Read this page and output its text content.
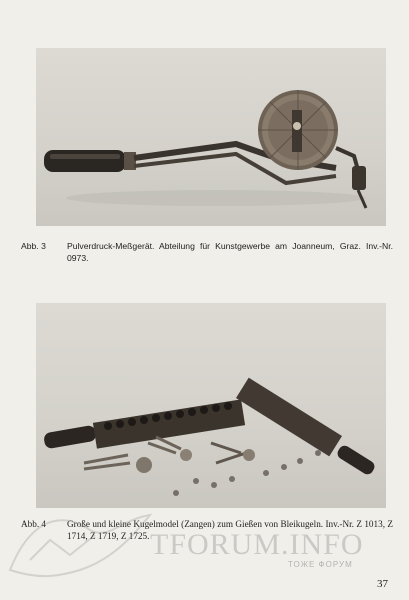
Abb. 3	Pulverdruck-Meßgerät. Abteilung für Kunstgewerbe am Joanneum, Graz. Inv.-Nr. 0973.
Abb. 4	Große und kleine Kugelmodel (Zangen) zum Gießen von Bleikugeln. Inv.-Nr. Z 1013, Z 1714, Z 1719, Z 1725. TFORUM.INFO
ТОЖЕ ФОРУМ
37
